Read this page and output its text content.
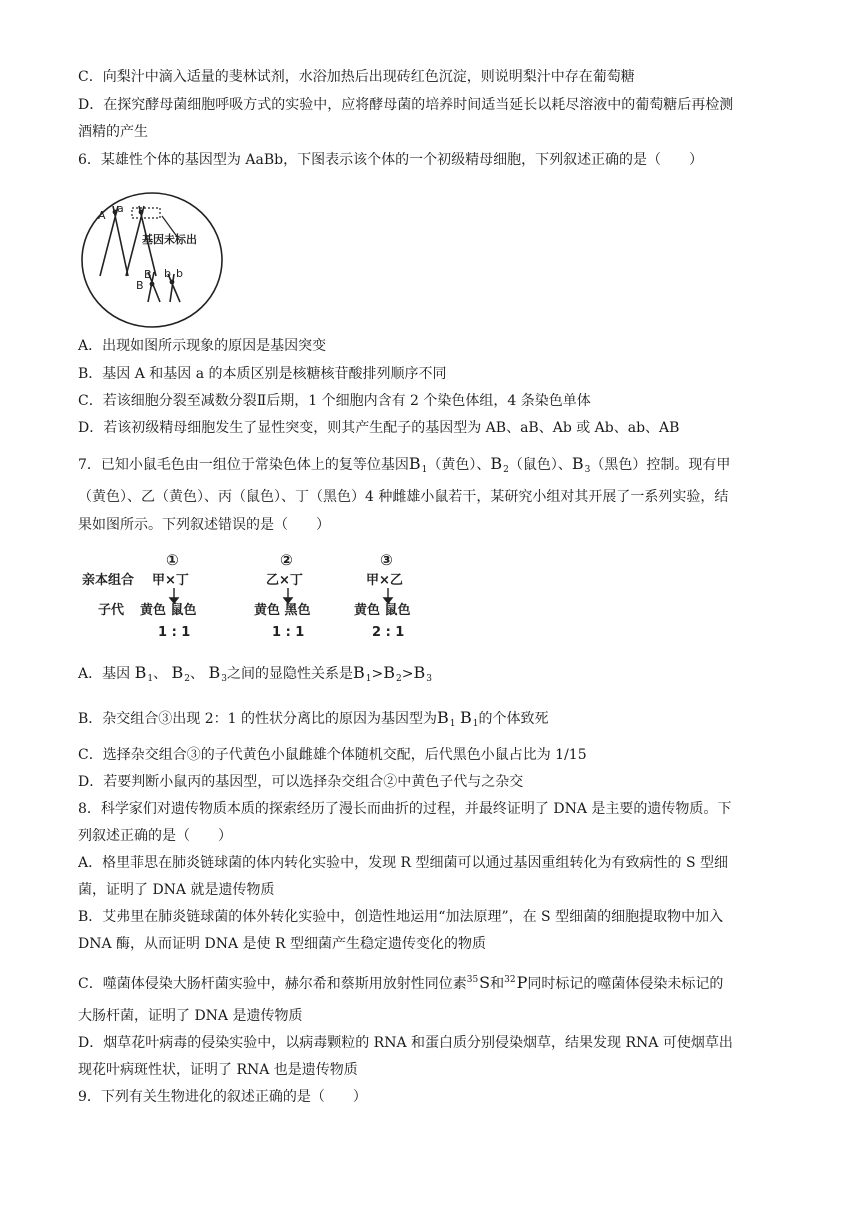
C．向梨汁中滴入适量的斐林试剂，水浴加热后出现砖红色沉淀，则说明梨汁中存在葡萄糖
D．在探究酵母菌细胞呼吸方式的实验中，应将酵母菌的培养时间适当延长以耗尽溶液中的葡萄糖后再检测
酒精的产生
6．某雄性个体的基因型为 AaBb，下图表示该个体的一个初级精母细胞，下列叙述正确的是（　　）
A
a
基因未标出
B
B
b b
A．出现如图所示现象的原因是基因突变
B．基因 A 和基因 a 的本质区别是核糖核苷酸排列顺序不同
C．若该细胞分裂至减数分裂Ⅱ后期，1 个细胞内含有 2 个染色体组，4 条染色单体
D．若该初级精母细胞发生了显性突变，则其产生配子的基因型为 AB、aB、Ab 或 Ab、ab、AB
7．已知小鼠毛色由一组位于常染色体上的复等位基因$B_1$（黄色）、$B_2$（鼠色）、$B_3$（黑色）控制。现有甲
（黄色）、乙（黄色）、丙（鼠色）、丁（黑色）4 种雌雄小鼠若干，某研究小组对其开展了一系列实验，结
果如图所示。下列叙述错误的是（　　）
亲本组合
子代
①
甲×丁
黄色 鼠色
1 : 1
②
乙×丁
黄色 黑色
1 : 1
③
甲×乙
黄色 鼠色
2 : 1
A．基因 $B_1$、 $B_2$、 $B_3$之间的显隐性关系是$B_1>B_2>B_3$
B．杂交组合③出现 2：1 的性状分离比的原因为基因型为$B_1$ $B_1$的个体致死
C．选择杂交组合③的子代黄色小鼠雌雄个体随机交配，后代黑色小鼠占比为 1/15
D．若要判断小鼠丙的基因型，可以选择杂交组合②中黄色子代与之杂交
8．科学家们对遗传物质本质的探索经历了漫长而曲折的过程，并最终证明了 DNA 是主要的遗传物质。下
列叙述正确的是（　　）
A．格里菲思在肺炎链球菌的体内转化实验中，发现 R 型细菌可以通过基因重组转化为有致病性的 S 型细
菌，证明了 DNA 就是遗传物质
B．艾弗里在肺炎链球菌的体外转化实验中，创造性地运用“加法原理”，在 S 型细菌的细胞提取物中加入
DNA 酶，从而证明 DNA 是使 R 型细菌产生稳定遗传变化的物质
C．噬菌体侵染大肠杆菌实验中，赫尔希和蔡斯用放射性同位素$^{35}$S和$^{32}$P同时标记的噬菌体侵染未标记的
大肠杆菌，证明了 DNA 是遗传物质
D．烟草花叶病毒的侵染实验中，以病毒颗粒的 RNA 和蛋白质分别侵染烟草，结果发现 RNA 可使烟草出
现花叶病斑性状，证明了 RNA 也是遗传物质
9．下列有关生物进化的叙述正确的是（　　）
